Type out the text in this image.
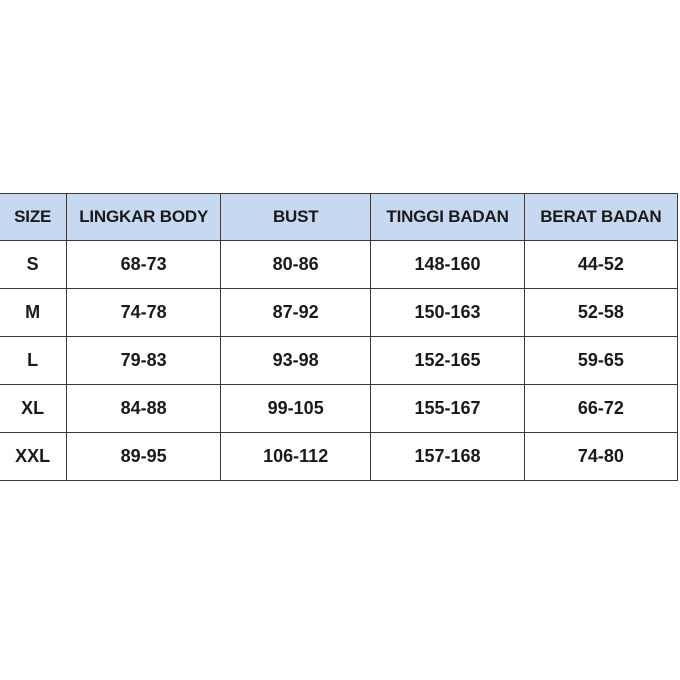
SIZE	LINGKAR BODY	BUST	TINGGI BADAN	BERAT BADAN
S	68-73	80-86	148-160	44-52
M	74-78	87-92	150-163	52-58
L	79-83	93-98	152-165	59-65
XL	84-88	99-105	155-167	66-72
XXL	89-95	106-112	157-168	74-80
